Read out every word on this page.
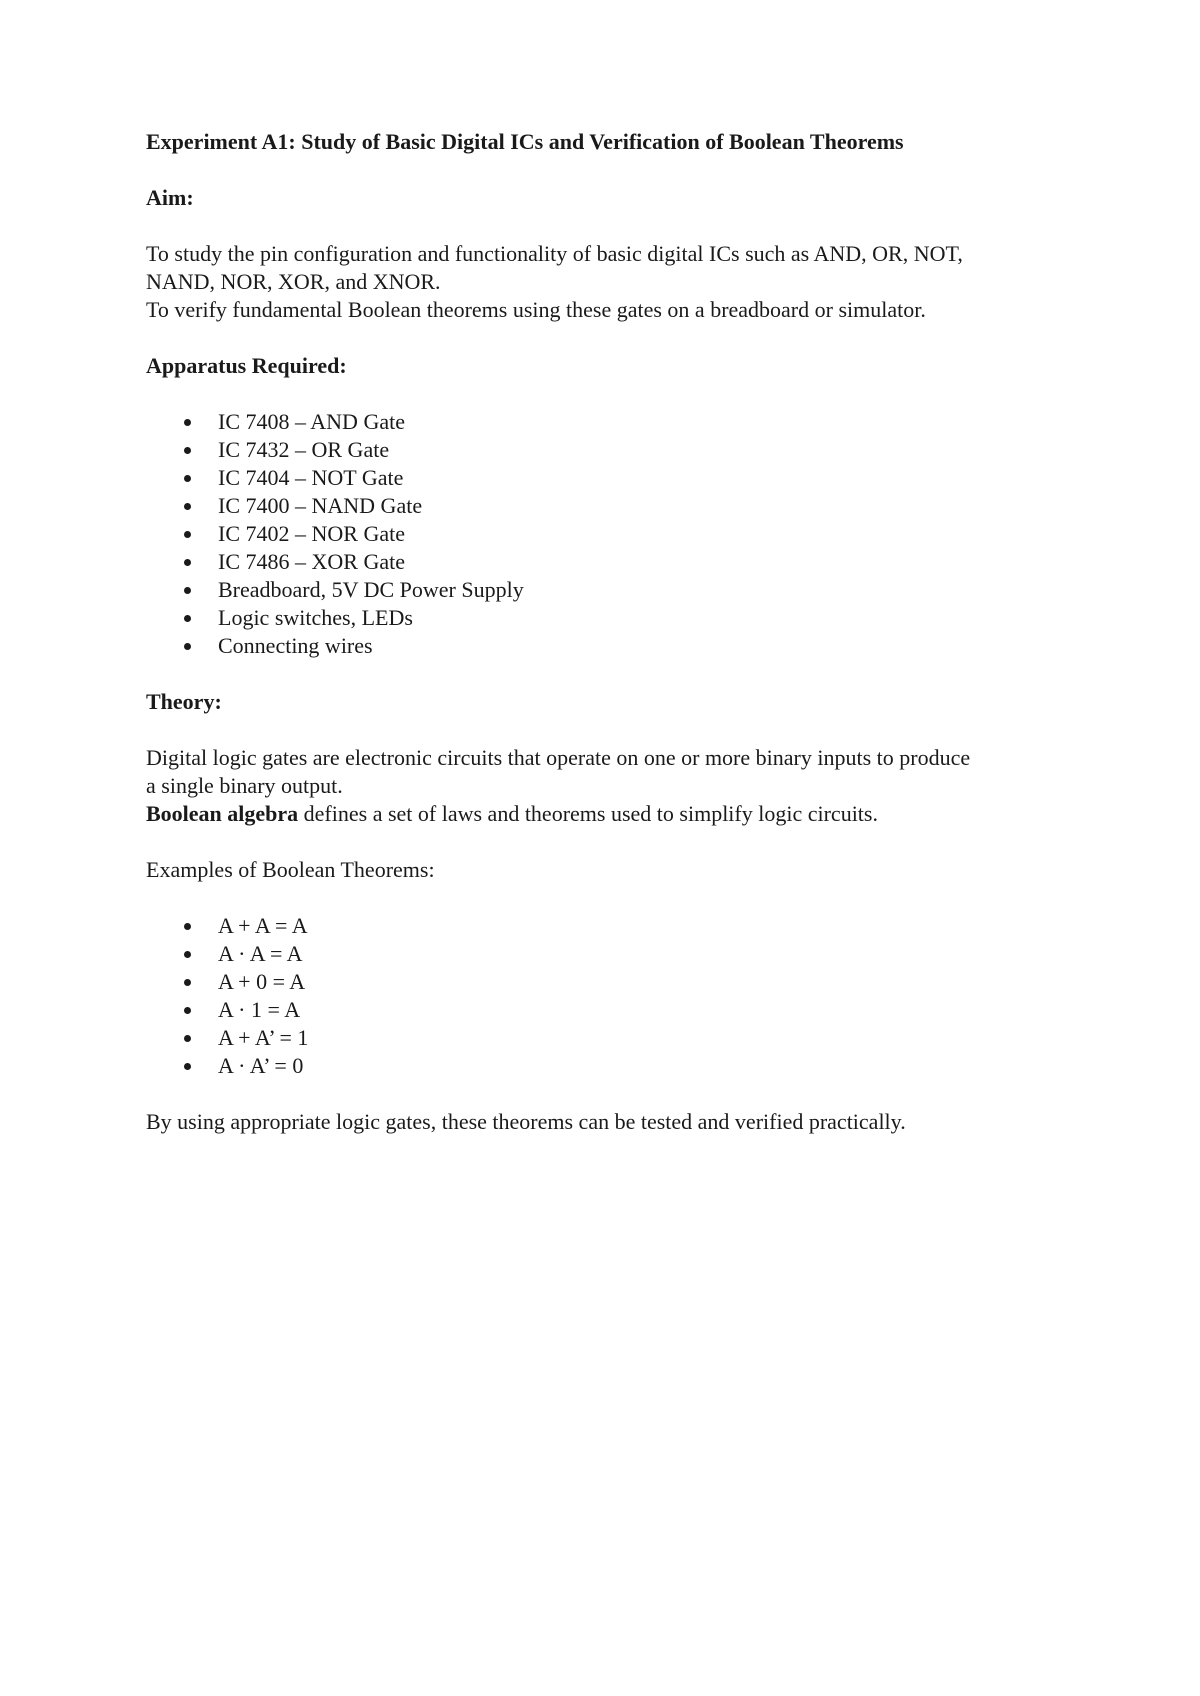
Experiment A1: Study of Basic Digital ICs and Verification of Boolean Theorems
Aim:

To study the pin configuration and functionality of basic digital ICs such as AND, OR, NOT,

NAND, NOR, XOR, and XNOR.

To verify fundamental Boolean theorems using these gates on a breadboard or simulator.

Apparatus Required:
IC 7408 – AND Gate
IC 7432 – OR Gate
IC 7404 – NOT Gate
IC 7400 – NAND Gate
IC 7402 – NOR Gate
IC 7486 – XOR Gate
Breadboard, 5V DC Power Supply
Logic switches, LEDs
Connecting wires
Theory:

Digital logic gates are electronic circuits that operate on one or more binary inputs to produce

a single binary output.

Boolean algebra defines a set of laws and theorems used to simplify logic circuits.

Examples of Boolean Theorems:

A + A = A
A · A = A
A + 0 = A
A · 1 = A
A + A’ = 1
A · A’ = 0

By using appropriate logic gates, these theorems can be tested and verified practically.
